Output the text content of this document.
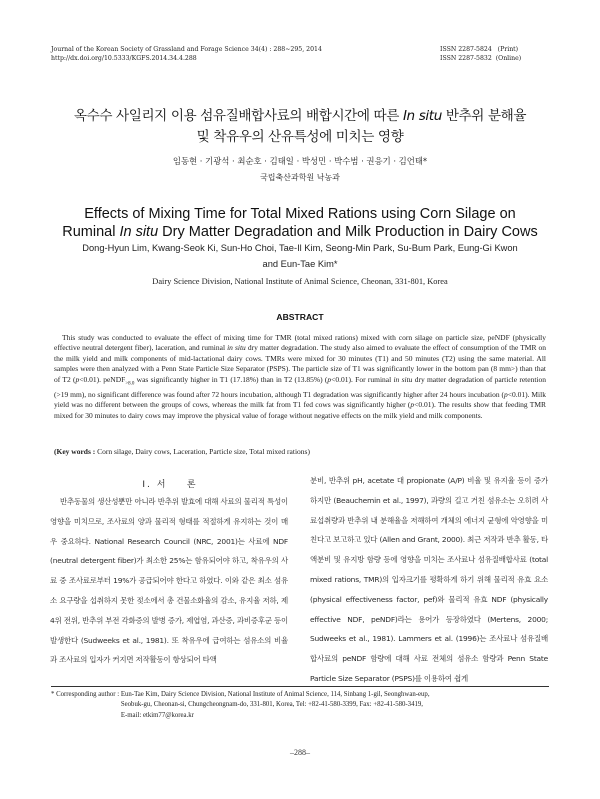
Journal of the Korean Society of Grassland and Forage Science 34(4) : 288~295, 2014
http://dx.doi.org/10.5333/KGFS.2014.34.4.288
ISSN 2287-5824   (Print)
ISSN 2287-5832  (Online)
옥수수 사일리지 이용 섬유질배합사료의 배합시간에 따른 In situ 반추위 분해율
및 착유우의 산유특성에 미치는 영향
임동현 · 기광석 · 최순호 · 김태일 · 박성민 · 박수범 · 권응기 · 김언태*
국립축산과학원 낙농과
Effects of Mixing Time for Total Mixed Rations using Corn Silage on
Ruminal In situ Dry Matter Degradation and Milk Production in Dairy Cows
Dong-Hyun Lim, Kwang-Seok Ki, Sun-Ho Choi, Tae-Il Kim, Seong-Min Park, Su-Bum Park, Eung-Gi Kwon
and Eun-Tae Kim*
Dairy Science Division, National Institute of Animal Science, Cheonan, 331-801, Korea
ABSTRACT

This study was conducted to evaluate the effect of mixing time for TMR (total mixed rations) mixed with corn silage on particle size, peNDF (physically effective neutral detergent fiber), laceration, and ruminal in situ dry matter degradation. The study also aimed to evaluate the effect of consumption of the TMR on the milk yield and milk components of mid-lactational dairy cows. TMRs were mixed for 30 minutes (T1) and 50 minutes (T2) using the same material. All samples were then analyzed with a Penn State Particle Size Separator (PSPS). The particle size of T1 was significantly lower in the bottom pan (8 mm>) than that of T2 (p<0.01). peNDF$_{>8.0}$ was significantly higher in T1 (17.18%) than in T2 (13.85%) (p<0.01). For ruminal in situ dry matter degradation of particle retention (>19 mm), no significant difference was found after 72 hours incubation, although T1 degradation was significantly higher after 24 hours incubation (p<0.01). Milk yield was no different between the groups of cows, whereas the milk fat from T1 fed cows was significantly higher (p<0.01). The results show that feeding TMR mixed for 30 minutes to dairy cows may improve the physical value of forage without negative effects on the milk yield and milk components.

(Key words : Corn silage, Dairy cows, Laceration, Particle size, Total mixed rations)

Ⅰ. 서    론

반추동물의 생산성뿐만 아니라 반추위 발효에 대해 사료의 물리적 특성이 영향을 미치므로, 조사료의 양과 물리적 형태를 적절하게 유지하는 것이 매우 중요하다. National Research Council (NRC, 2001)는 사료에 NDF (neutral detergent fiber)가 최소한 25%는 함유되어야 하고, 착유우의 사료 중 조사료로부터 19%가 공급되어야 한다고 하였다. 이와 같은 최소 섬유소 요구량을 섭취하지 못한 젖소에서 총 건물소화율의 감소, 유지율 저하, 제4위 전위, 반추위 부전 각화증의 발병 증가, 제엽염, 과산증, 과비증후군 등이 발생한다 (Sudweeks et al., 1981). 또 착유우에 급여하는 섬유소의 비율과 조사료의 입자가 커지면 저작활동이 항상되어 타액

분비, 반추위 pH, acetate 대 propionate (A/P) 비율 및 유지율 등이 증가하지만 (Beauchemin et al., 1997), 과량의 길고 거친 섬유소는 오히려 사료섭취량과 반추위 내 분해율을 저해하여 개체의 에너지 균형에 악영향을 미친다고 보고하고 있다 (Allen and Grant, 2000). 최근 저작과 반추 활동, 타액분비 및 유지방 함량 등에 영향을 미치는 조사료나 섬유질배합사료 (total mixed rations, TMR)의 입자크기를 평확하게 하기 위해 물리적 유효 요소 (physical effectiveness factor, pef)와 물리적 유효 NDF (physically effective NDF, peNDF)라는 용어가 등장하였다 (Mertens, 2000; Sudweeks et al., 1981). Lammers et al. (1996)는 조사료나 섬유질배합사료의 peNDF 함량에 대해 사료 전체의 섬유소 함량과 Penn State Particle Size Separator (PSPS)를 이용하여 쉽게

* Corresponding author : Eun-Tae Kim, Dairy Science Division, National Institute of Animal Science, 114, Sinbang 1-gil, Seonghwan-eup,
Seobuk-gu, Cheonan-si, Chungcheongnam-do, 331-801, Korea, Tel: +82-41-580-3399, Fax: +82-41-580-3419,
E-mail: etkim77@korea.kr
–288–
